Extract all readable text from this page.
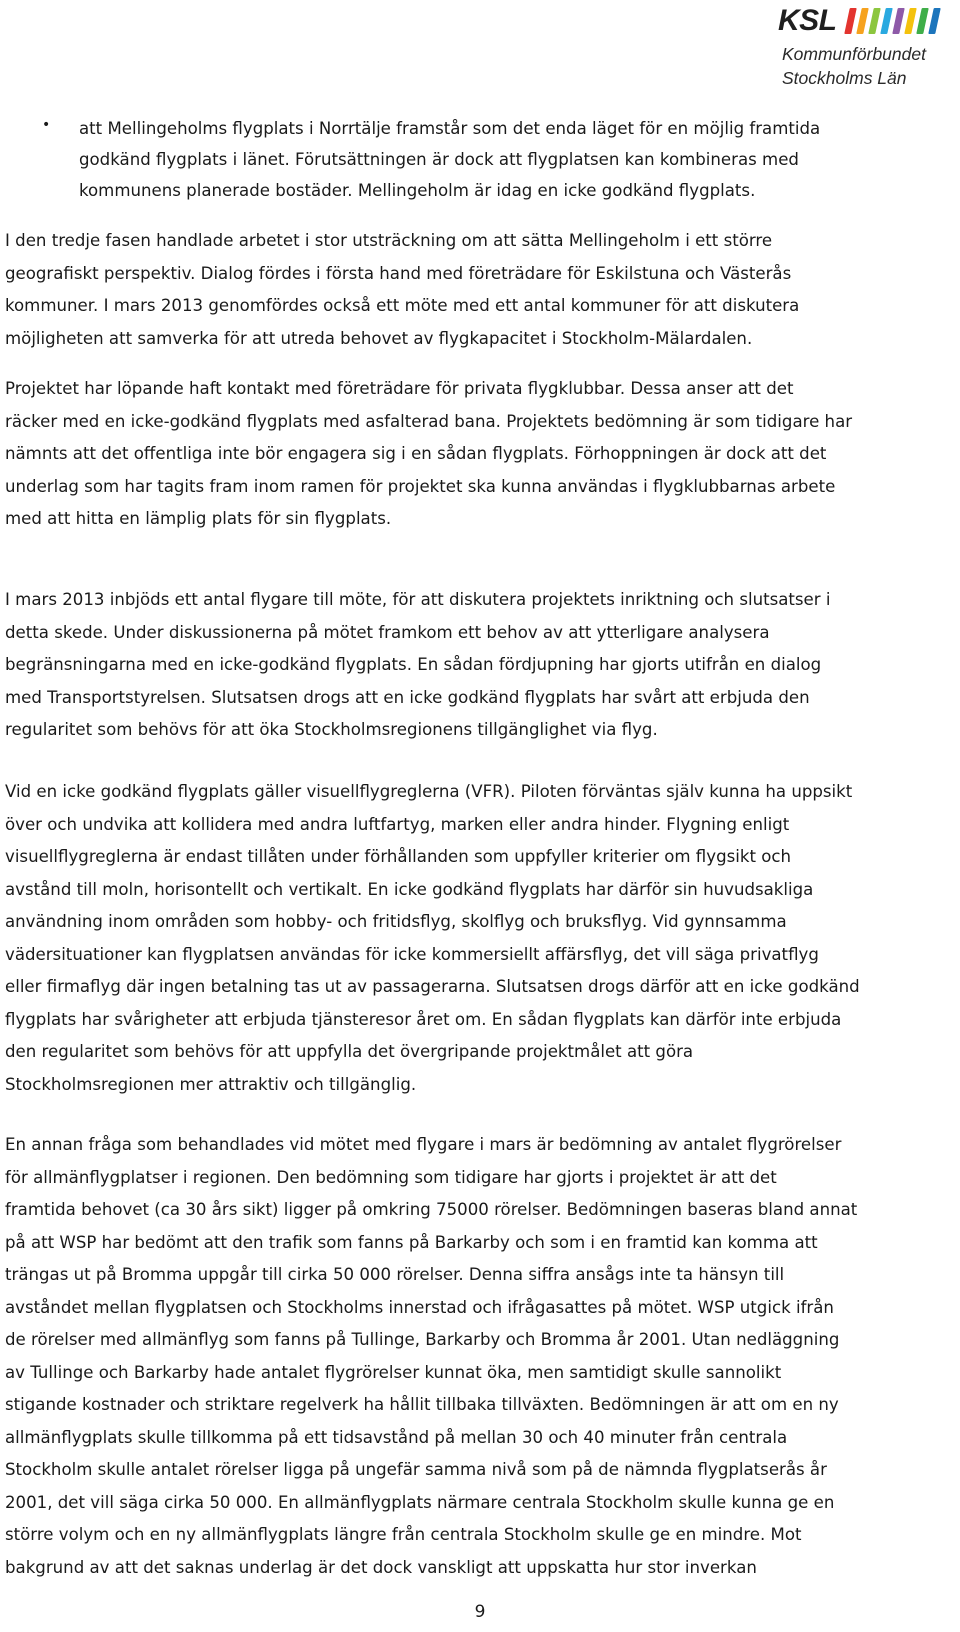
KSL
Kommunförbundet
Stockholms Län
• att Mellingeholms flygplats i Norrtälje framstår som det enda läget för en möjlig framtida
godkänd flygplats i länet. Förutsättningen är dock att flygplatsen kan kombineras med
kommunens planerade bostäder. Mellingeholm är idag en icke godkänd flygplats.

I den tredje fasen handlade arbetet i stor utsträckning om att sätta Mellingeholm i ett större
geografiskt perspektiv. Dialog fördes i första hand med företrädare för Eskilstuna och Västerås
kommuner. I mars 2013 genomfördes också ett möte med ett antal kommuner för att diskutera
möjligheten att samverka för att utreda behovet av flygkapacitet i Stockholm-Mälardalen.

Projektet har löpande haft kontakt med företrädare för privata flygklubbar. Dessa anser att det
räcker med en icke-godkänd flygplats med asfalterad bana. Projektets bedömning är som tidigare har
nämnts att det offentliga inte bör engagera sig i en sådan flygplats. Förhoppningen är dock att det
underlag som har tagits fram inom ramen för projektet ska kunna användas i flygklubbarnas arbete
med att hitta en lämplig plats för sin flygplats.

I mars 2013 inbjöds ett antal flygare till möte, för att diskutera projektets inriktning och slutsatser i
detta skede. Under diskussionerna på mötet framkom ett behov av att ytterligare analysera
begränsningarna med en icke-godkänd flygplats. En sådan fördjupning har gjorts utifrån en dialog
med Transportstyrelsen. Slutsatsen drogs att en icke godkänd flygplats har svårt att erbjuda den
regularitet som behövs för att öka Stockholmsregionens tillgänglighet via flyg.

Vid en icke godkänd flygplats gäller visuellflygreglerna (VFR). Piloten förväntas själv kunna ha uppsikt
över och undvika att kollidera med andra luftfartyg, marken eller andra hinder. Flygning enligt
visuellflygreglerna är endast tillåten under förhållanden som uppfyller kriterier om flygsikt och
avstånd till moln, horisontellt och vertikalt. En icke godkänd flygplats har därför sin huvudsakliga
användning inom områden som hobby- och fritidsflyg, skolflyg och bruksflyg. Vid gynnsamma
vädersituationer kan flygplatsen användas för icke kommersiellt affärsflyg, det vill säga privatflyg
eller firmaflyg där ingen betalning tas ut av passagerarna. Slutsatsen drogs därför att en icke godkänd
flygplats har svårigheter att erbjuda tjänsteresor året om. En sådan flygplats kan därför inte erbjuda
den regularitet som behövs för att uppfylla det övergripande projektmålet att göra
Stockholmsregionen mer attraktiv och tillgänglig.

En annan fråga som behandlades vid mötet med flygare i mars är bedömning av antalet flygrörelser
för allmänflygplatser i regionen. Den bedömning som tidigare har gjorts i projektet är att det
framtida behovet (ca 30 års sikt) ligger på omkring 75000 rörelser. Bedömningen baseras bland annat
på att WSP har bedömt att den trafik som fanns på Barkarby och som i en framtid kan komma att
trängas ut på Bromma uppgår till cirka 50 000 rörelser. Denna siffra ansågs inte ta hänsyn till
avståndet mellan flygplatsen och Stockholms innerstad och ifrågasattes på mötet. WSP utgick ifrån
de rörelser med allmänflyg som fanns på Tullinge, Barkarby och Bromma år 2001. Utan nedläggning
av Tullinge och Barkarby hade antalet flygrörelser kunnat öka, men samtidigt skulle sannolikt
stigande kostnader och striktare regelverk ha hållit tillbaka tillväxten. Bedömningen är att om en ny
allmänflygplats skulle tillkomma på ett tidsavstånd på mellan 30 och 40 minuter från centrala
Stockholm skulle antalet rörelser ligga på ungefär samma nivå som på de nämnda flygplatserås år
2001, det vill säga cirka 50 000. En allmänflygplats närmare centrala Stockholm skulle kunna ge en
större volym och en ny allmänflygplats längre från centrala Stockholm skulle ge en mindre. Mot
bakgrund av att det saknas underlag är det dock vanskligt att uppskatta hur stor inverkan

9
